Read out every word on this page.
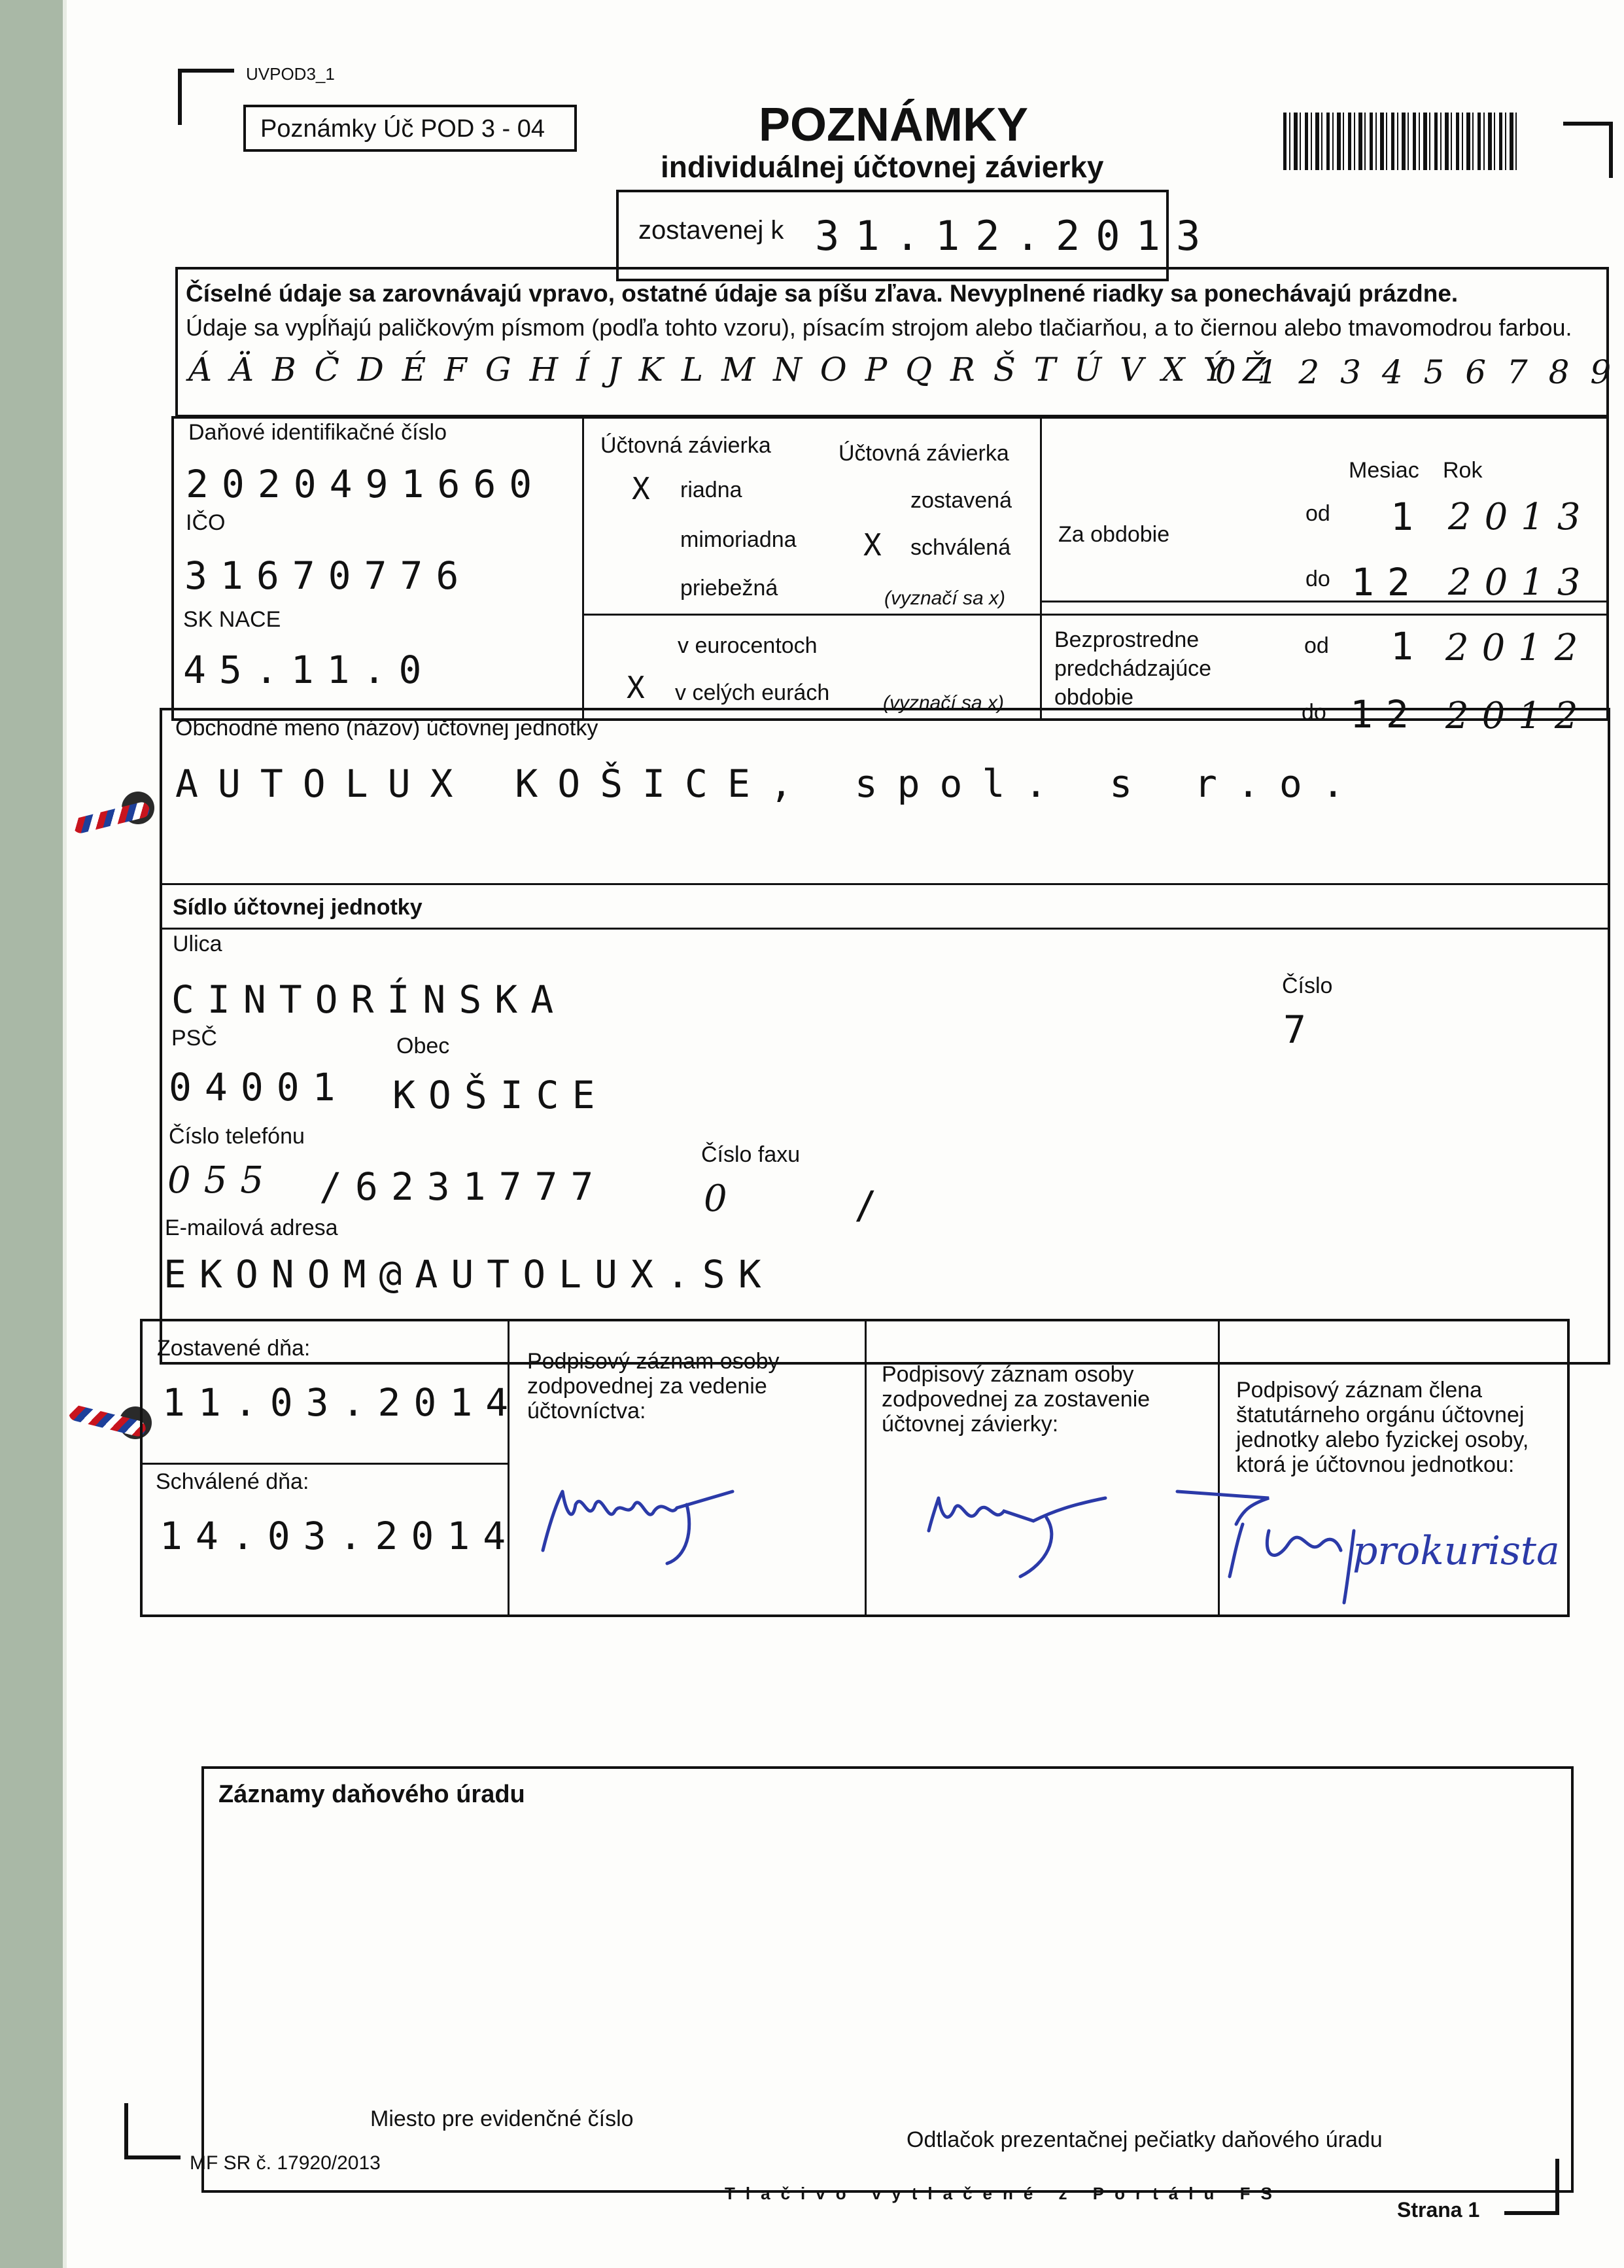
UVPOD3_1
Poznámky Úč POD 3 - 04	POZNÁMKY
individuálnej účtovnej závierky
zostavenej k 31.12.2013
Číselné údaje sa zarovnávajú vpravo, ostatné údaje sa píšu zľava. Nevyplnené riadky sa ponechávajú prázdne.
Údaje sa vypĺňajú paličkovým písmom (podľa tohto vzoru), písacím strojom alebo tlačiarňou, a to čiernou alebo tmavomodrou farbou.
Á Ä B Č D É F G H Í J K L M N O P Q R Š T Ú V X Ý Ž
0 1 2 3 4 5 6 7 8 9
Daňové identifikačné číslo
2020491660
IČO
31670776
SK NACE
45.11.0
Účtovná závierka
X riadna
mimoriadna
priebežná
Účtovná závierka
zostavená
X schválená
(vyznačí sa x)
v eurocentoch
X v celých eurách	(vyznačí sa x)
Mesiac Rok
Za obdobie
od 1 2013
do 12 2013
Bezprostredne predchádzajúce obdobie
od 1 2012
do 12 2012
Obchodné meno (názov) účtovnej jednotky
AUTOLUX KOŠICE, spol. s r.o.
Sídlo účtovnej jednotky
Ulica
CINTORÍNSKA	Číslo
7
PSČ	Obec
04001 KOŠICE
Číslo telefónu
Číslo faxu
055 /6231777	0	/
E-mailová adresa
EKONOM@AUTOLUX.SK
Zostavené dňa:
11.03.2014
Schválené dňa:
14.03.2014
Podpisový záznam osoby zodpovednej za vedenie účtovníctva:
Podpisový záznam osoby zodpovednej za zostavenie účtovnej závierky:
Podpisový záznam člena štatutárneho orgánu účtovnej jednotky alebo fyzickej osoby, ktorá je účtovnou jednotkou:
prokurista
Záznamy daňového úradu
Miesto pre evidenčné číslo
Odtlačok prezentačnej pečiatky daňového úradu
MF SR č. 17920/2013
Tlačivo vytlačené z Portálu FS
Strana 1
